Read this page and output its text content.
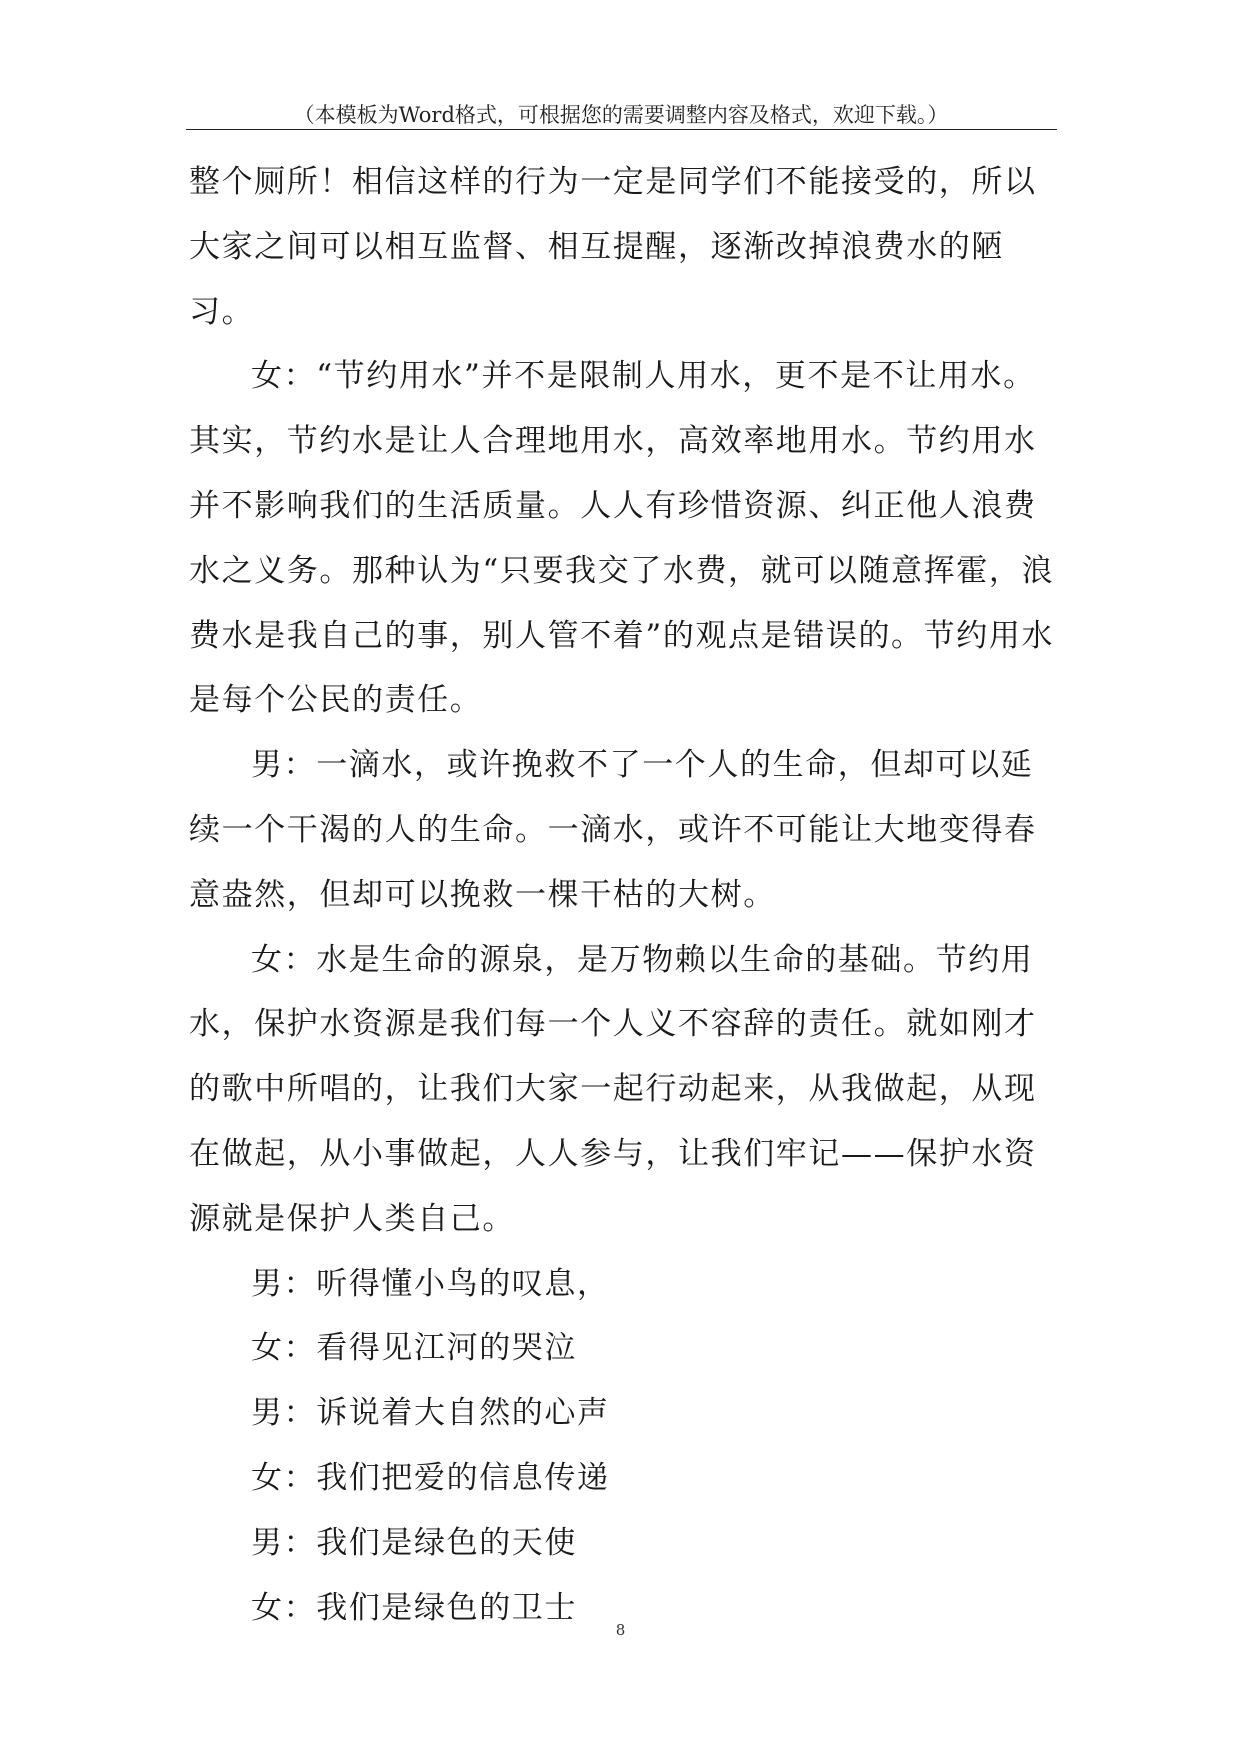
（本模板为Word格式，可根据您的需要调整内容及格式，欢迎下载。）

整个厕所！相信这样的行为一定是同学们不能接受的，所以大家之间可以相互监督、相互提醒，逐渐改掉浪费水的陋习。

女：“节约用水”并不是限制人用水，更不是不让用水。其实，节约水是让人合理地用水，高效率地用水。节约用水并不影响我们的生活质量。人人有珍惜资源、纠正他人浪费水之义务。那种认为“只要我交了水费，就可以随意挥霍，浪费水是我自己的事，别人管不着”的观点是错误的。节约用水是每个公民的责任。

男：一滴水，或许挽救不了一个人的生命，但却可以延续一个干渴的人的生命。一滴水，或许不可能让大地变得春意盎然，但却可以挽救一棵干枯的大树。

女：水是生命的源泉，是万物赖以生命的基础。节约用水，保护水资源是我们每一个人义不容辞的责任。就如刚才的歌中所唱的，让我们大家一起行动起来，从我做起，从现在做起，从小事做起，人人参与，让我们牢记——保护水资源就是保护人类自己。

男：听得懂小鸟的叹息，

女：看得见江河的哭泣

男：诉说着大自然的心声

女：我们把爱的信息传递

男：我们是绿色的天使

女：我们是绿色的卫士

8
